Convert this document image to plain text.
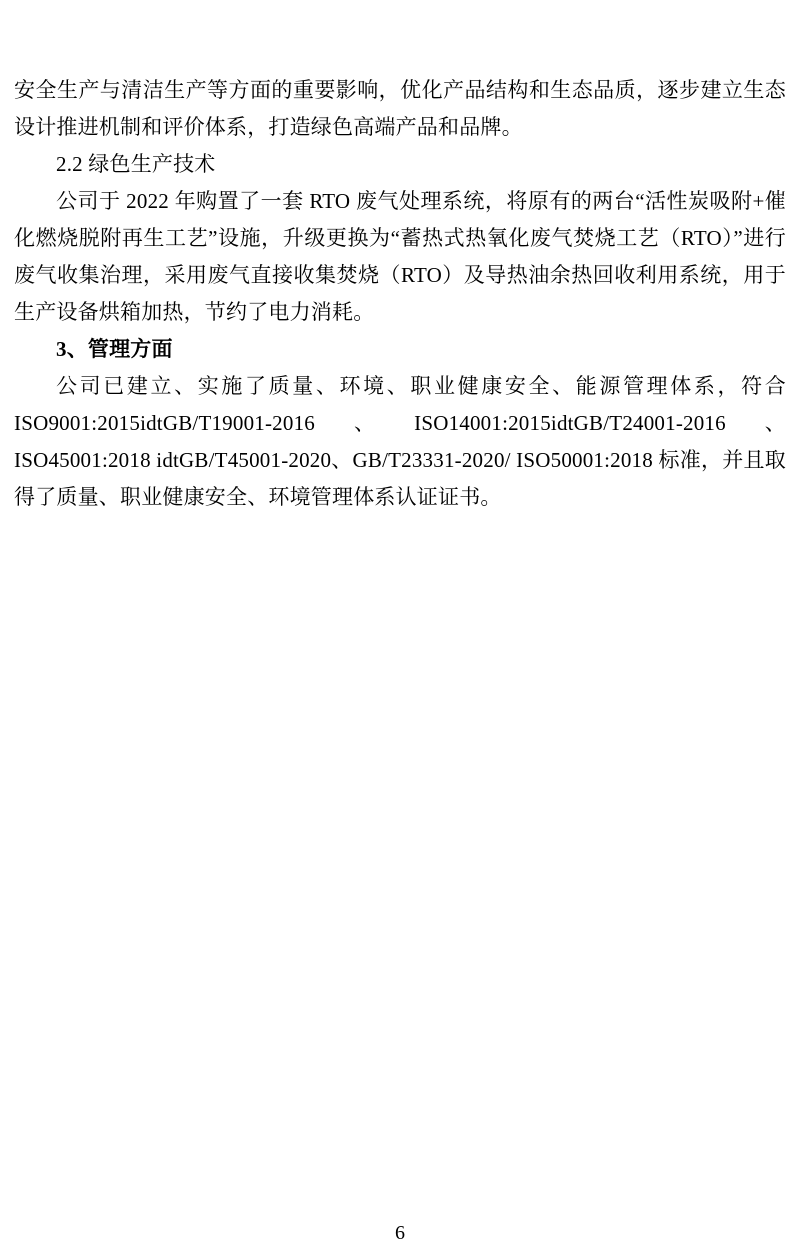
安全生产与清洁生产等方面的重要影响，优化产品结构和生态品质，逐步建立生态设计推进机制和评价体系，打造绿色高端产品和品牌。

2.2 绿色生产技术

公司于 2022 年购置了一套 RTO 废气处理系统，将原有的两台“活性炭吸附+催化燃烧脱附再生工艺”设施，升级更换为“蓄热式热氧化废气焚烧工艺（RTO）”进行废气收集治理，采用废气直接收集焚烧（RTO）及导热油余热回收利用系统，用于生产设备烘箱加热，节约了电力消耗。

3、管理方面

公司已建立、实施了质量、环境、职业健康安全、能源管理体系，符合 ISO9001:2015idtGB/T19001-2016、ISO14001:2015idtGB/T24001-2016、ISO45001:2018 idtGB/T45001-2020、GB/T23331-2020/ ISO50001:2018 标准，并且取得了质量、职业健康安全、环境管理体系认证证书。

6
